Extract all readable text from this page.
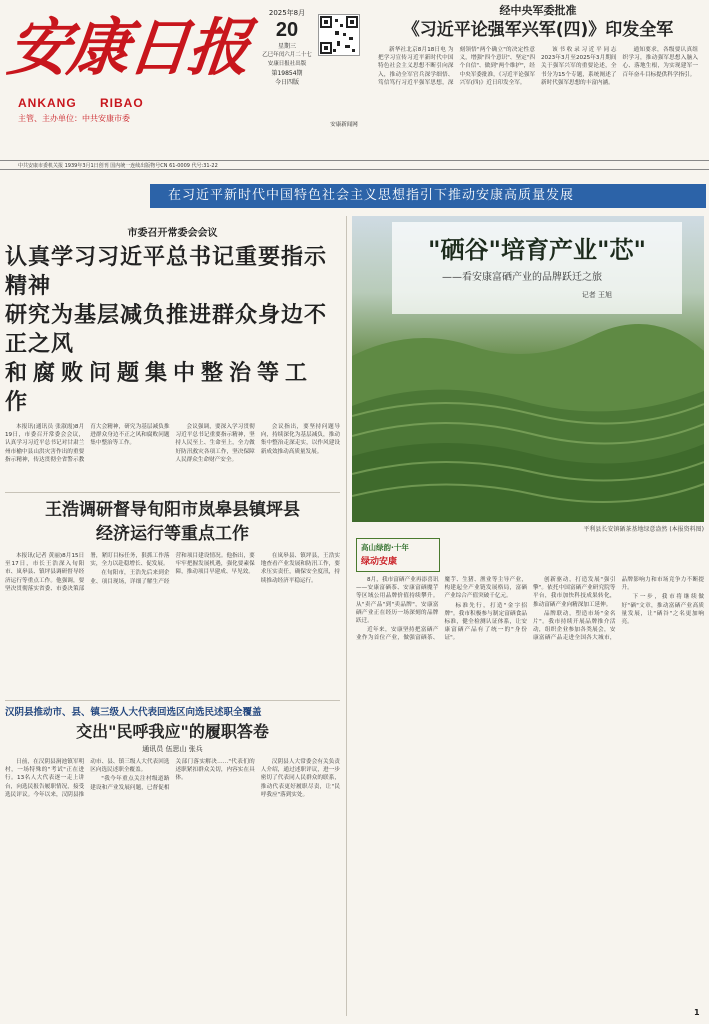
安康日报
ANKANG RIBAO
主管、主办单位：中共安康市委
2025年8月
20
星期三
乙巳年闰六月二十七
安康日报社出版
第19854期
今日四版
安康新闻网
中共安康市委机关报 1939年3月1日创刊 国内统一连续出版物号CN 61-0009 代号:31-22
经中央军委批准
《习近平论强军兴军(四)》印发全军

新华社北京8月18日电 为把学习宣传习近平新时代中国特色社会主义思想不断引向深入，推动全军官兵深学细悟、笃信笃行习近平强军思想，深刻领悟"两个确立"的决定性意义，增强"四个意识"、坚定"四个自信"、做到"两个维护"，经中央军委批准，《习近平论强军兴军(四)》近日印发全军。

该书收录习近平同志2023年3月至2025年3月期间关于强军兴军的重要论述，全书分为15个专题，系统阐述了新时代强军思想的丰富内涵。

通知要求，各级要认真组织学习，推动强军思想入脑入心、落地生根，为实现建军一百年奋斗目标提供科学指引。

在习近平新时代中国特色社会主义思想指引下推动安康高质量发展
市委召开常委会会议
认真学习习近平总书记重要指示精神
研究为基层减负推进群众身边不正之风
和腐败问题集中整治等工作

本报讯(通讯员 张淑霞)8月19日，市委召开常委会会议，认真学习习近平总书记对甘肃兰州市榆中县山洪灾害作出的重要指示精神，传达贯彻全省警示教育大会精神，研究为基层减负推进群众身边不正之风和腐败问题集中整治等工作。

会议强调，要深入学习贯彻习近平总书记重要指示精神，坚持人民至上、生命至上，全力做好防汛救灾各项工作，坚决保障人民群众生命财产安全。

会议指出，要坚持问题导向，持续深化为基层减负，推动集中整治走深走实，以作风建设新成效推动高质量发展。

王浩调研督导旬阳市岚皋县镇坪县
经济运行等重点工作

本报讯(记者 黄丽)8月15日至17日，市长王浩深入旬阳市、岚皋县、镇坪县调研督导经济运行等重点工作。他强调，要坚决贯彻落实省委、市委决策部署，紧盯目标任务，狠抓工作落实，全力以赴稳增长、促发展。

在旬阳市，王浩先后来到企业、项目现场，详细了解生产经营和项目建设情况。他指出，要牢牢把握发展机遇，强化要素保障，推动项目早建成、早见效。

在岚皋县、镇坪县，王浩实地查看产业发展和防汛工作，要求压实责任，确保安全度汛，持续推动经济平稳运行。

汉阴县推动市、县、镇三级人大代表回选区向选民述职全覆盖
交出"民呼我应"的履职答卷
通讯员 伍思山 张兵

日前，在汉阴县涧池镇军明村，一场特殊的"考试"正在进行。13名人大代表逐一走上讲台，向选民报告履职情况，接受选民评议。今年以来，汉阴县推动市、县、镇三级人大代表回选区向选民述职全覆盖。

"我今年重点关注村级道路建设和产业发展问题，已督促相关部门落实解决……"代表们的述职紧扣群众关切，内容实在具体。

汉阴县人大常委会有关负责人介绍，通过述职评议，进一步密切了代表同人民群众的联系，推动代表更好履职尽责，让"民呼我应"落到实处。

"硒谷"培育产业"芯"
——看安康富硒产业的品牌跃迁之旅
记者 王旭
平利县长安镇硒茶基地绿意盎然 (本报资料图)
高山绿韵·十年
绿动安康

8月，我市富硒产业再添喜讯——安康富硒茶、安康富硒魔芋等区域公用品牌价值持续攀升。从"卖产品"到"卖品牌"，安康富硒产业正在经历一场深刻的品牌跃迁。

近年来，安康坚持把富硒产业作为首位产业，做强富硒茶、魔芋、生猪、渔业等主导产业，构建起全产业链发展格局，富硒产业综合产值突破千亿元。

标准先行，打造"金字招牌"。我市积极参与制定富硒食品标准，健全检测认证体系，让安康富硒产品有了统一的"身份证"。

创新驱动，打造发展"强引擎"。依托中国富硒产业研究院等平台，我市加快科技成果转化，推动富硒产业向精深加工延伸。

品牌联动，塑造市场"金名片"。我市持续开展品牌推介活动，组织企业参加各类展会，安康富硒产品走进全国各大城市，品牌影响力和市场竞争力不断提升。

下一步，我市将继续做好"硒"文章，推动富硒产业高质量发展，让"硒谷"之名更加响亮。

1
